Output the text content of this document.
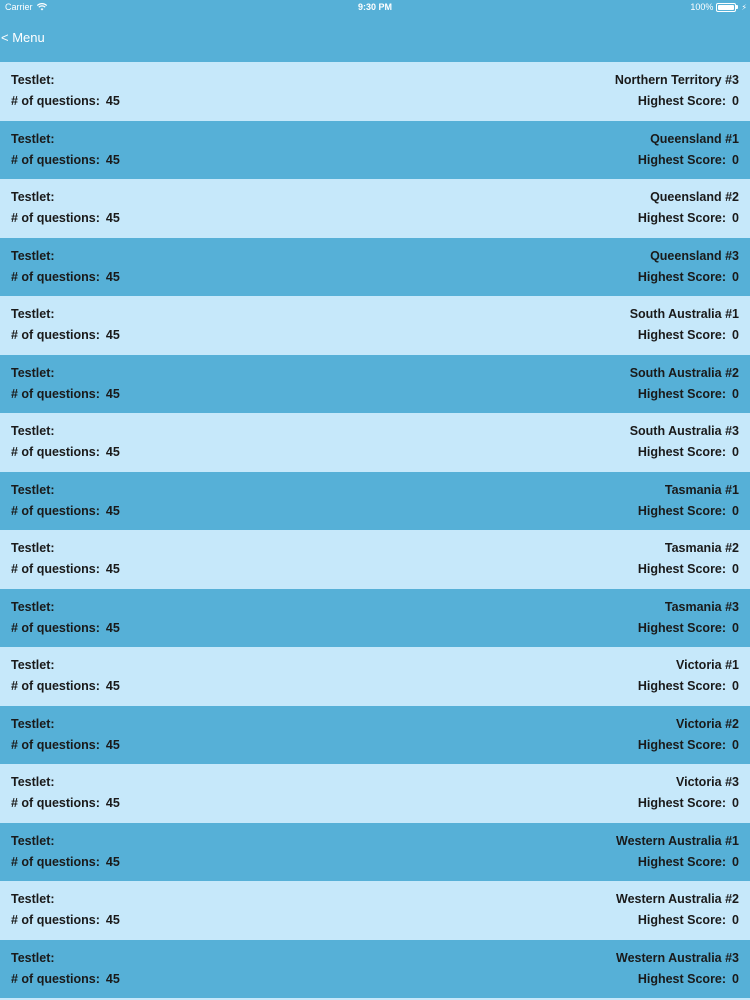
Carrier	9:30 PM	100%	⚡
< Menu
Testlet:	Northern Territory #3
# of questions: 45	Highest Score: 0
Testlet:	Queensland #1
# of questions: 45	Highest Score: 0
Testlet:	Queensland #2
# of questions: 45	Highest Score: 0
Testlet:	Queensland #3
# of questions: 45	Highest Score: 0
Testlet:	South Australia #1
# of questions: 45	Highest Score: 0
Testlet:	South Australia #2
# of questions: 45	Highest Score: 0
Testlet:	South Australia #3
# of questions: 45	Highest Score: 0
Testlet:	Tasmania #1
# of questions: 45	Highest Score: 0
Testlet:	Tasmania #2
# of questions: 45	Highest Score: 0
Testlet:	Tasmania #3
# of questions: 45	Highest Score: 0
Testlet:	Victoria #1
# of questions: 45	Highest Score: 0
Testlet:	Victoria #2
# of questions: 45	Highest Score: 0
Testlet:	Victoria #3
# of questions: 45	Highest Score: 0
Testlet:	Western Australia #1
# of questions: 45	Highest Score: 0
Testlet:	Western Australia #2
# of questions: 45	Highest Score: 0
Testlet:	Western Australia #3
# of questions: 45	Highest Score: 0
